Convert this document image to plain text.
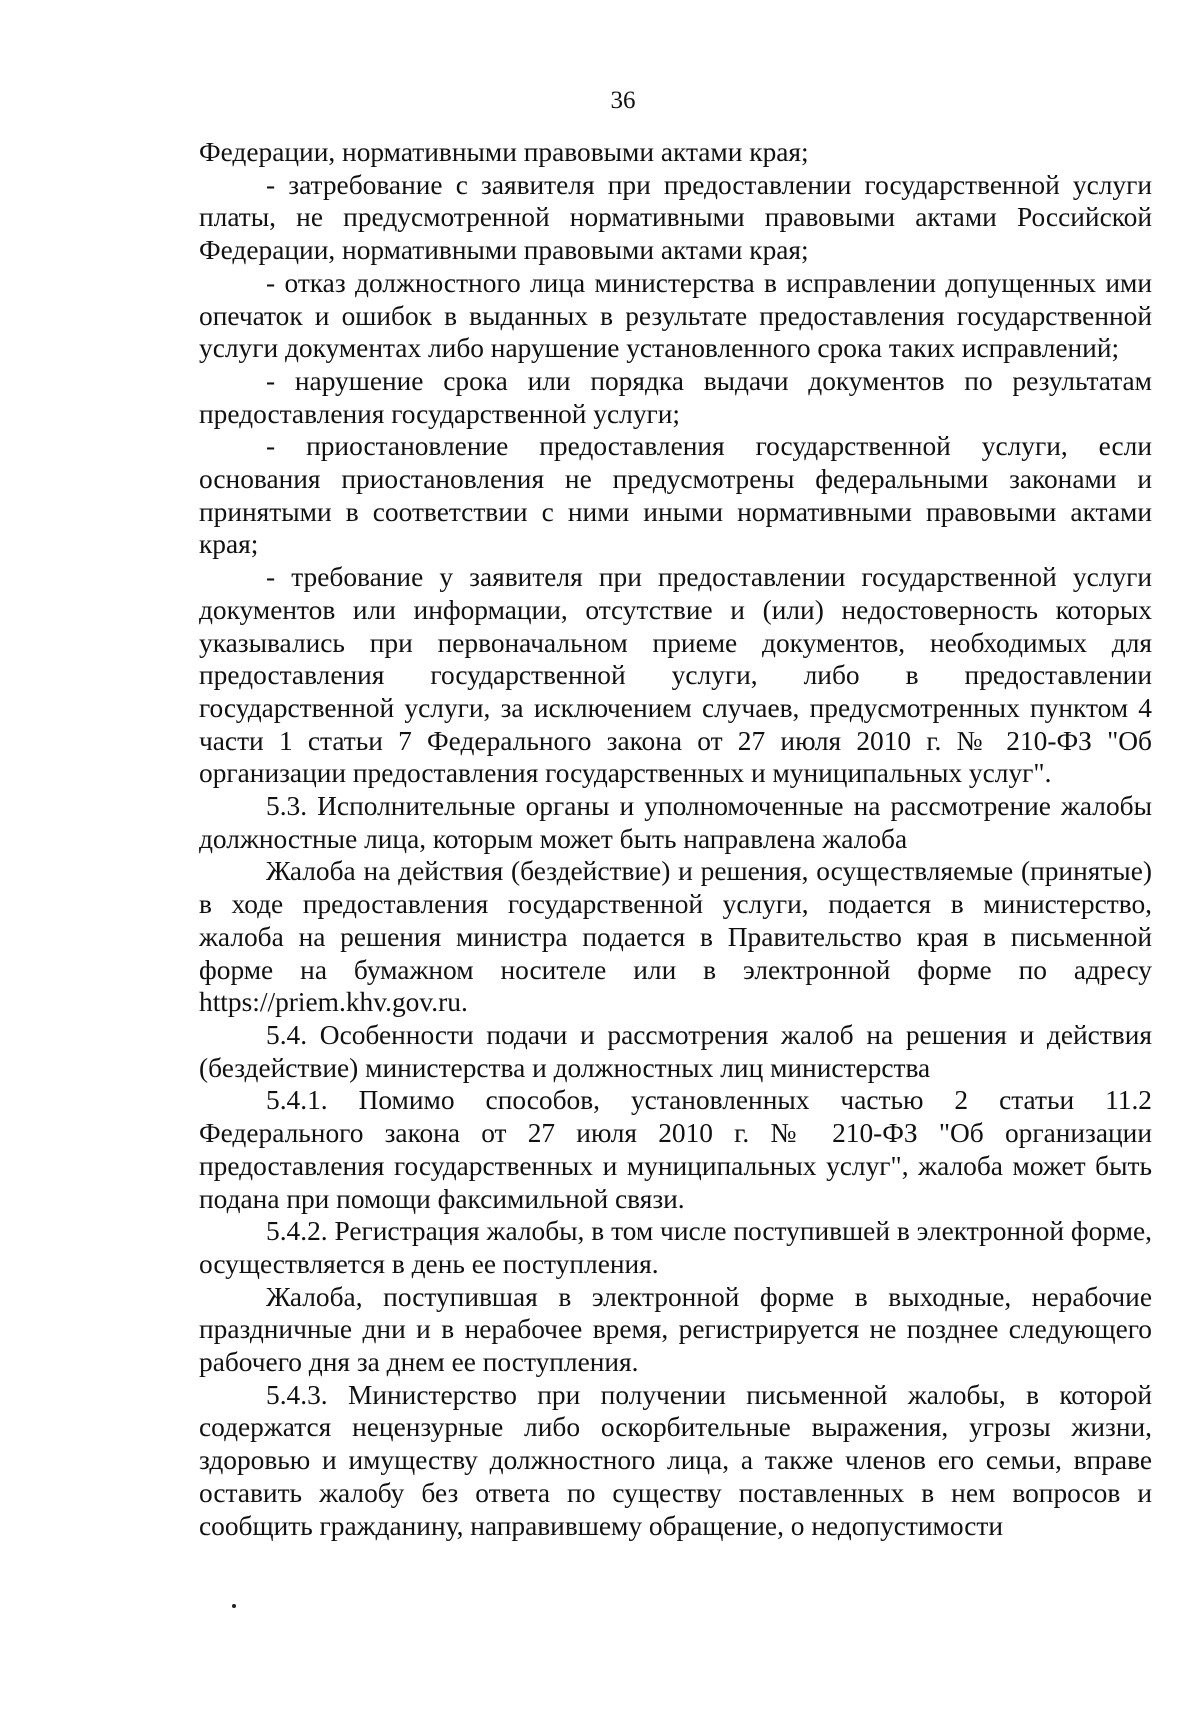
36

Федерации, нормативными правовыми актами края;

- затребование с заявителя при предоставлении государственной услуги платы, не предусмотренной нормативными правовыми актами Российской Федерации, нормативными правовыми актами края;

- отказ должностного лица министерства в исправлении допущенных ими опечаток и ошибок в выданных в результате предоставления государственной услуги документах либо нарушение установленного срока таких исправлений;

- нарушение срока или порядка выдачи документов по результатам предоставления государственной услуги;

- приостановление предоставления государственной услуги, если основания приостановления не предусмотрены федеральными законами и принятыми в соответствии с ними иными нормативными правовыми актами края;

- требование у заявителя при предоставлении государственной услуги документов или информации, отсутствие и (или) недостоверность которых указывались при первоначальном приеме документов, необходимых для предоставления государственной услуги, либо в предоставлении государственной услуги, за исключением случаев, предусмотренных пунктом 4 части 1 статьи 7 Федерального закона от 27 июля 2010 г. № 210-ФЗ "Об организации предоставления государственных и муниципальных услуг".

5.3. Исполнительные органы и уполномоченные на рассмотрение жалобы должностные лица, которым может быть направлена жалоба

Жалоба на действия (бездействие) и решения, осуществляемые (принятые) в ходе предоставления государственной услуги, подается в министерство, жалоба на решения министра подается в Правительство края в письменной форме на бумажном носителе или в электронной форме по адресу https://priem.khv.gov.ru.

5.4. Особенности подачи и рассмотрения жалоб на решения и действия (бездействие) министерства и должностных лиц министерства

5.4.1. Помимо способов, установленных частью 2 статьи 11.2 Федерального закона от 27 июля 2010 г. № 210-ФЗ "Об организации предоставления государственных и муниципальных услуг", жалоба может быть подана при помощи факсимильной связи.

5.4.2. Регистрация жалобы, в том числе поступившей в электронной форме, осуществляется в день ее поступления.

Жалоба, поступившая в электронной форме в выходные, нерабочие праздничные дни и в нерабочее время, регистрируется не позднее следующего рабочего дня за днем ее поступления.

5.4.3. Министерство при получении письменной жалобы, в которой содержатся нецензурные либо оскорбительные выражения, угрозы жизни, здоровью и имуществу должностного лица, а также членов его семьи, вправе оставить жалобу без ответа по существу поставленных в нем вопросов и сообщить гражданину, направившему обращение, о недопустимости
